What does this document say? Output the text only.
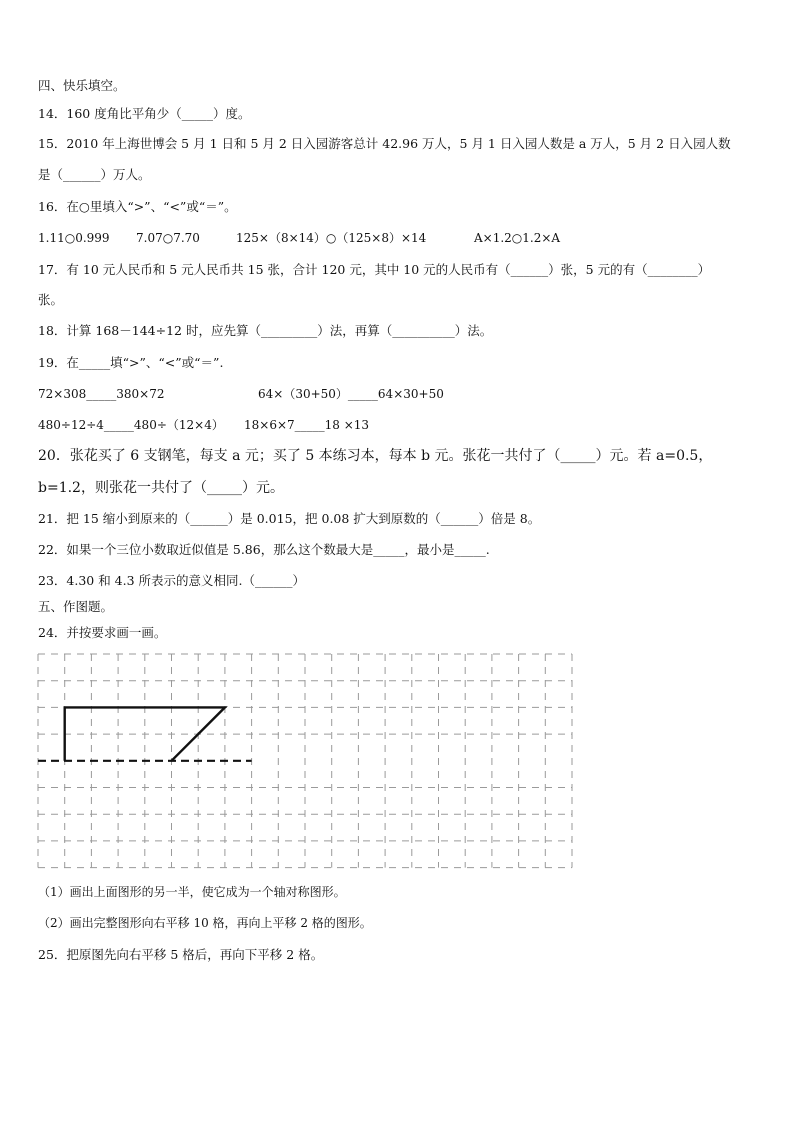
四、快乐填空。
14．160 度角比平角少（_____）度。
15．2010 年上海世博会 5 月 1 日和 5 月 2 日入园游客总计 42.96 万人，5 月 1 日入园人数是 a 万人，5 月 2 日入园人数
是（______）万人。
16．在○里填入“>”、“<”或“＝”。
1.11○0.999 7.07○7.70	125×（8×14）○（125×8）×14	A×1.2○1.2×A
17．有 10 元人民币和 5 元人民币共 15 张，合计 120 元，其中 10 元的人民币有（______）张，5 元的有（________）
张。
18．计算 168－144÷12 时，应先算（_________）法，再算（__________）法。
19．在_____填“>”、“<”或“＝”.
72×308_____380×72	64×（30+50）_____64×30+50
480÷12÷4_____480÷（12×4） 18×6×7_____18 ×13
20．张花买了 6 支钢笔，每支 a 元；买了 5 本练习本，每本 b 元。张花一共付了（_____）元。若 a=0.5，
b=1.2，则张花一共付了（_____）元。
21．把 15 缩小到原来的（______）是 0.015，把 0.08 扩大到原数的（______）倍是 8。
22．如果一个三位小数取近似值是 5.86，那么这个数最大是_____，最小是_____.
23．4.30 和 4.3 所表示的意义相同.（______）
五、作图题。
24．并按要求画一画。
（1）画出上面图形的另一半，使它成为一个轴对称图形。
（2）画出完整图形向右平移 10 格，再向上平移 2 格的图形。
25．把原图先向右平移 5 格后，再向下平移 2 格。
